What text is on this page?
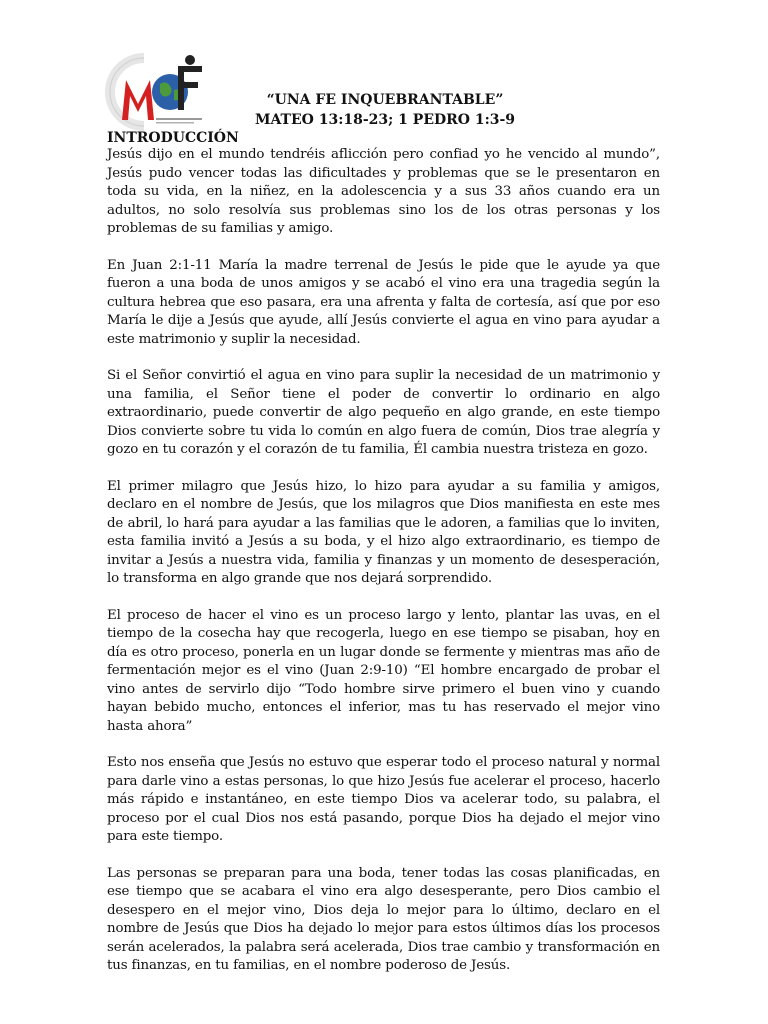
“UNA FE INQUEBRANTABLE”
MATEO 13:18-23; 1 PEDRO 1:3-9
INTRODUCCIÓN

Jesús dijo en el mundo tendréis aflicción pero confiad yo he vencido al mundo”, Jesús pudo vencer todas las dificultades y problemas que se le presentaron en toda su vida, en la niñez, en la adolescencia y a sus 33 años cuando era un adultos, no solo resolvía sus problemas sino los de los otras personas y los problemas de su familias y amigo.

En Juan 2:1-11 María la madre terrenal de Jesús le pide que le ayude ya que fueron a una boda de unos amigos y se acabó el vino era una tragedia según la cultura hebrea que eso pasara, era una afrenta y falta de cortesía, así que por eso María le dije a Jesús que ayude, allí Jesús convierte el agua en vino para ayudar a este matrimonio y suplir la necesidad.

Si el Señor convirtió el agua en vino para suplir la necesidad de un matrimonio y una familia, el Señor tiene el poder de convertir lo ordinario en algo extraordinario, puede convertir de algo pequeño en algo grande, en este tiempo Dios convierte sobre tu vida lo común en algo fuera de común, Dios trae alegría y gozo en tu corazón y el corazón de tu familia, Él cambia nuestra tristeza en gozo.

El primer milagro que Jesús hizo, lo hizo para ayudar a su familia y amigos, declaro en el nombre de Jesús, que los milagros que Dios manifiesta en este mes de abril, lo hará para ayudar a las familias que le adoren, a familias que lo inviten, esta familia invitó a Jesús a su boda, y el hizo algo extraordinario, es tiempo de invitar a Jesús a nuestra vida, familia y finanzas y un momento de desesperación, lo transforma en algo grande que nos dejará sorprendido.

El proceso de hacer el vino es un proceso largo y lento, plantar las uvas, en el tiempo de la cosecha hay que recogerla, luego en ese tiempo se pisaban, hoy en día es otro proceso, ponerla en un lugar donde se fermente y mientras mas año de fermentación mejor es el vino (Juan 2:9-10) “El hombre encargado de probar el vino antes de servirlo dijo “Todo hombre sirve primero el buen vino y cuando hayan bebido mucho, entonces el inferior, mas tu has reservado el mejor vino hasta ahora”

Esto nos enseña que Jesús no estuvo que esperar todo el proceso natural y normal para darle vino a estas personas, lo que hizo Jesús fue acelerar el proceso, hacerlo más rápido e instantáneo, en este tiempo Dios va acelerar todo, su palabra, el proceso por el cual Dios nos está pasando, porque Dios ha dejado el mejor vino para este tiempo.

Las personas se preparan para una boda, tener todas las cosas planificadas, en ese tiempo que se acabara el vino era algo desesperante, pero Dios cambio el desespero en el mejor vino, Dios deja lo mejor para lo último, declaro en el nombre de Jesús que Dios ha dejado lo mejor para estos últimos días los procesos serán acelerados, la palabra será acelerada, Dios trae cambio y transformación en tus finanzas, en tu familias, en el nombre poderoso de Jesús.
